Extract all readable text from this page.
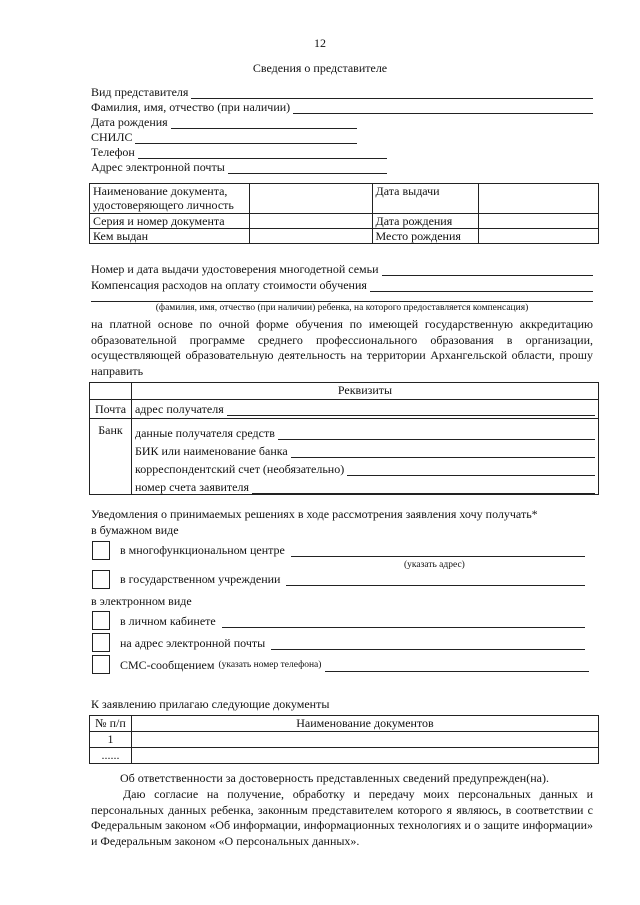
12
Сведения о представителе
Вид представителя
Фамилия, имя, отчество (при наличии)
Дата рождения
СНИЛС
Телефон
Адрес электронной почты
Наименование документа, удостоверяющего личность		Дата выдачи	
Серия и номер документа		Дата рождения	
Кем выдан		Место рождения	
Номер и дата выдачи удостоверения многодетной семьи
Компенсация расходов на оплату стоимости обучения
(фамилия, имя, отчество (при наличии) ребенка, на которого предоставляется компенсация)
на платной основе по очной форме обучения по имеющей государственную аккредитацию образовательной программе среднего профессионального образования в организации, осуществляющей образовательную деятельность на территории Архангельской области, прошу направить
	Реквизиты
Почта	адрес получателя

Банк	данные получателя средств
БИК или наименование банка
корреспондентский счет (необязательно)
номер счета заявителя
Уведомления о принимаемых решениях в ходе рассмотрения заявления хочу получать*
в бумажном виде
в многофункциональном центре
(указать адрес)
в государственном учреждении
в электронном виде
в личном кабинете
на адрес электронной почты
СМС-сообщением (указать номер телефона)
К заявлению прилагаю следующие документы
№ п/п	Наименование документов
1	
......	
Об ответственности за достоверность представленных сведений предупрежден(на).
Даю согласие на получение, обработку и передачу моих персональных данных и персональных данных ребенка, законным представителем которого я являюсь, в соответствии с Федеральным законом «Об информации, информационных технологиях и о защите информации» и Федеральным законом «О персональных данных».
